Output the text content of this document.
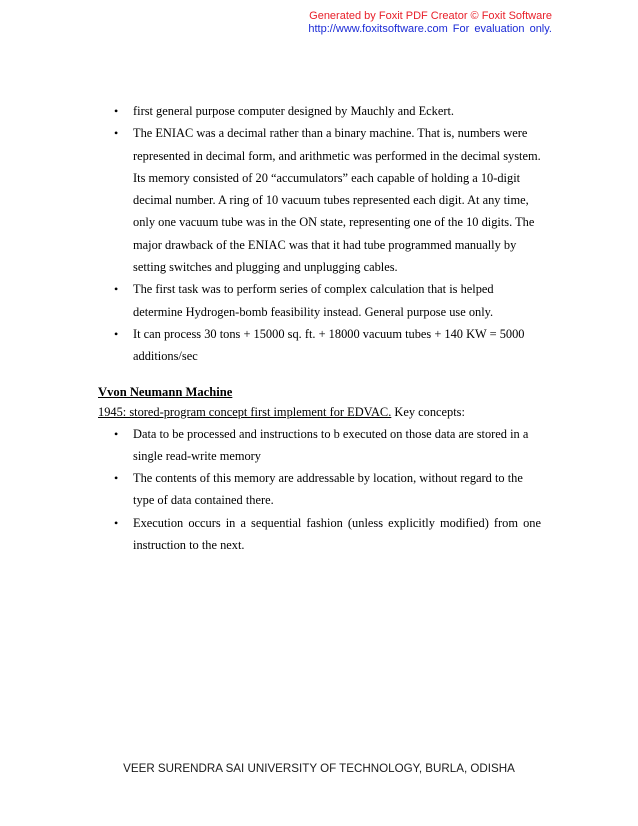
Generated by Foxit PDF Creator © Foxit Software
http://www.foxitsoftware.com For evaluation only.
• first general purpose computer designed by Mauchly and Eckert.
• The ENIAC was a decimal rather than a binary machine. That is, numbers were represented in decimal form, and arithmetic was performed in the decimal system. Its memory consisted of 20 “accumulators” each capable of holding a 10-digit decimal number. A ring of 10 vacuum tubes represented each digit. At any time, only one vacuum tube was in the ON state, representing one of the 10 digits. The major drawback of the ENIAC was that it had tube programmed manually by setting switches and plugging and unplugging cables.
• The first task was to perform series of complex calculation that is helped determine Hydrogen-bomb feasibility instead. General purpose use only.
• It can process 30 tons + 15000 sq. ft. + 18000 vacuum tubes + 140 KW = 5000 additions/sec
Vvon Neumann Machine
1945: stored-program concept first implement for EDVAC. Key concepts:
• Data to be processed and instructions to b executed on those data are stored in a single read-write memory
• The contents of this memory are addressable by location, without regard to the type of data contained there.
• Execution occurs in a sequential fashion (unless explicitly modified) from one instruction to the next.
VEER SURENDRA SAI UNIVERSITY OF TECHNOLOGY, BURLA, ODISHA
